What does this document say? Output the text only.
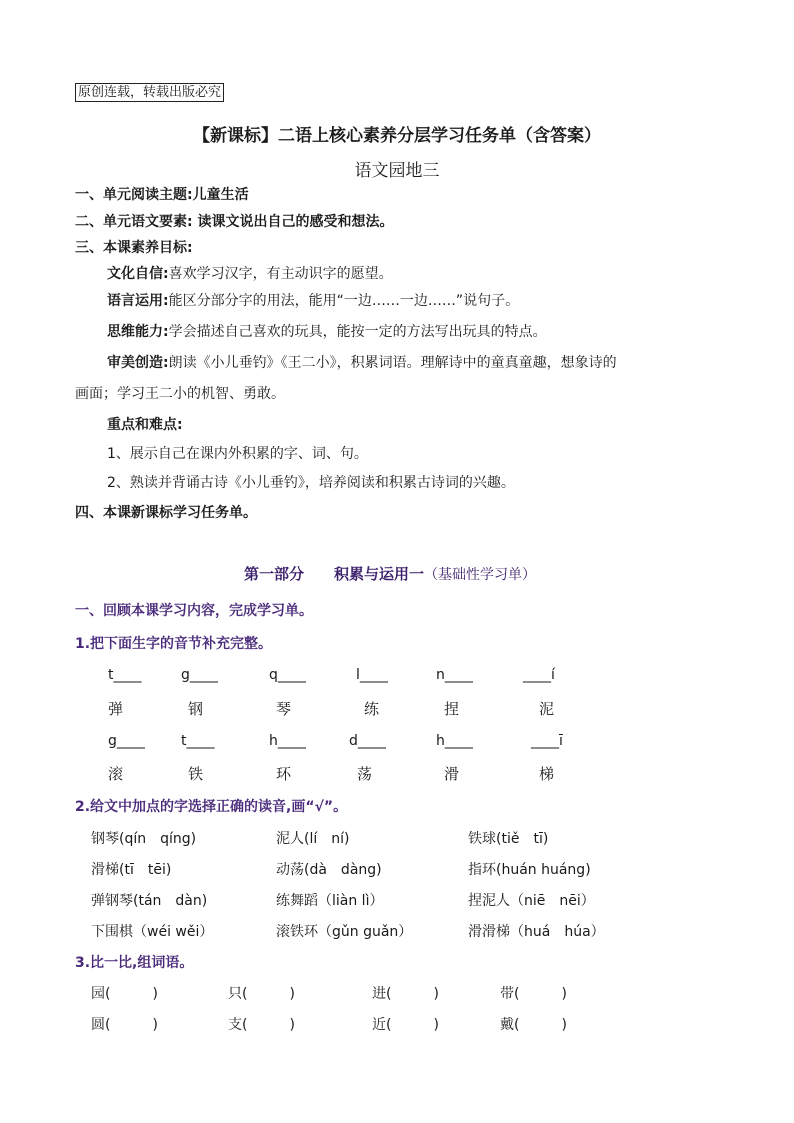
原创连载，转载出版必究
【新课标】二语上核心素养分层学习任务单（含答案）
语文园地三
一、单元阅读主题:儿童生活
二、单元语文要素: 读课文说出自己的感受和想法。
三、本课素养目标:
文化自信:喜欢学习汉字，有主动识字的愿望。
语言运用:能区分部分字的用法，能用“一边……一边……”说句子。
思维能力:学会描述自己喜欢的玩具，能按一定的方法写出玩具的特点。
审美创造:朗读《小儿垂钓》《王二小》，积累词语。理解诗中的童真童趣，想象诗的
画面；学习王二小的机智、勇敢。
重点和难点:
1、展示自己在课内外积累的字、词、句。
2、熟读并背诵古诗《小儿垂钓》，培养阅读和积累古诗词的兴趣。
四、本课新课标学习任务单。
第一部分　　积累与运用一（基础性学习单）
一、回顾本课学习内容，完成学习单。
1.把下面生字的音节补充完整。
t____	g____	q____	l____	n____	____í
弹	钢	琴	练	捏	泥
g____	t____	h____	d____	h____	____ī
滚	铁	环	荡	滑	梯
2.给文中加点的字选择正确的读音,画“√”。
钢琴(qín　qíng)	泥人(lí　ní)	铁球(tiě　tī)
滑梯(tī　tēi)	动荡(dà　dàng)	指环(huán huáng)
弹钢琴(tán　dàn)	练舞蹈（liàn lì）	捏泥人（niē　nēi）
下围棋（wéi wěi）	滚铁环（gǔn guǎn）	滑滑梯（huá　húa）
3.比一比,组词语。
园(　　　)	只(　　　)	进(　　　)	带(　　　)
圆(　　　)	支(　　　)	近(　　　)	戴(　　　)
